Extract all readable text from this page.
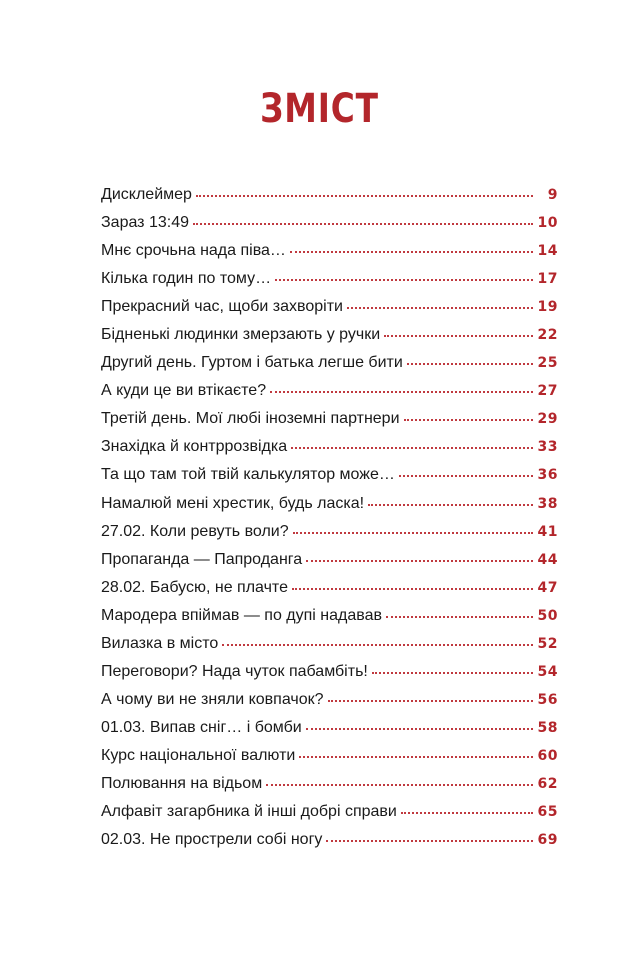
ЗМІСТ
Дисклеймер	9
Зараз 13:49	10
Мнє срочьна нада піва…	14
Кілька годин по тому…	17
Прекрасний час, щоби захворіти	19
Бідненькі людинки змерзають у ручки	22
Другий день. Гуртом і батька легше бити	25
А куди це ви втікаєте?	27
Третій день. Мої любі іноземні партнери	29
Знахідка й контррозвідка	33
Та що там той твій калькулятор може…	36
Намалюй мені хрестик, будь ласка!	38
27.02. Коли ревуть воли?	41
Пропаганда — Папроданга	44
28.02. Бабусю, не плачте	47
Мародера впіймав — по дупі надавав	50
Вилазка в місто	52
Переговори? Нада чуток пабамбіть!	54
А чому ви не зняли ковпачок?	56
01.03. Випав сніг… і бомби	58
Курс національної валюти	60
Полювання на відьом	62
Алфавіт загарбника й інші добрі справи	65
02.03. Не прострели собі ногу	69
